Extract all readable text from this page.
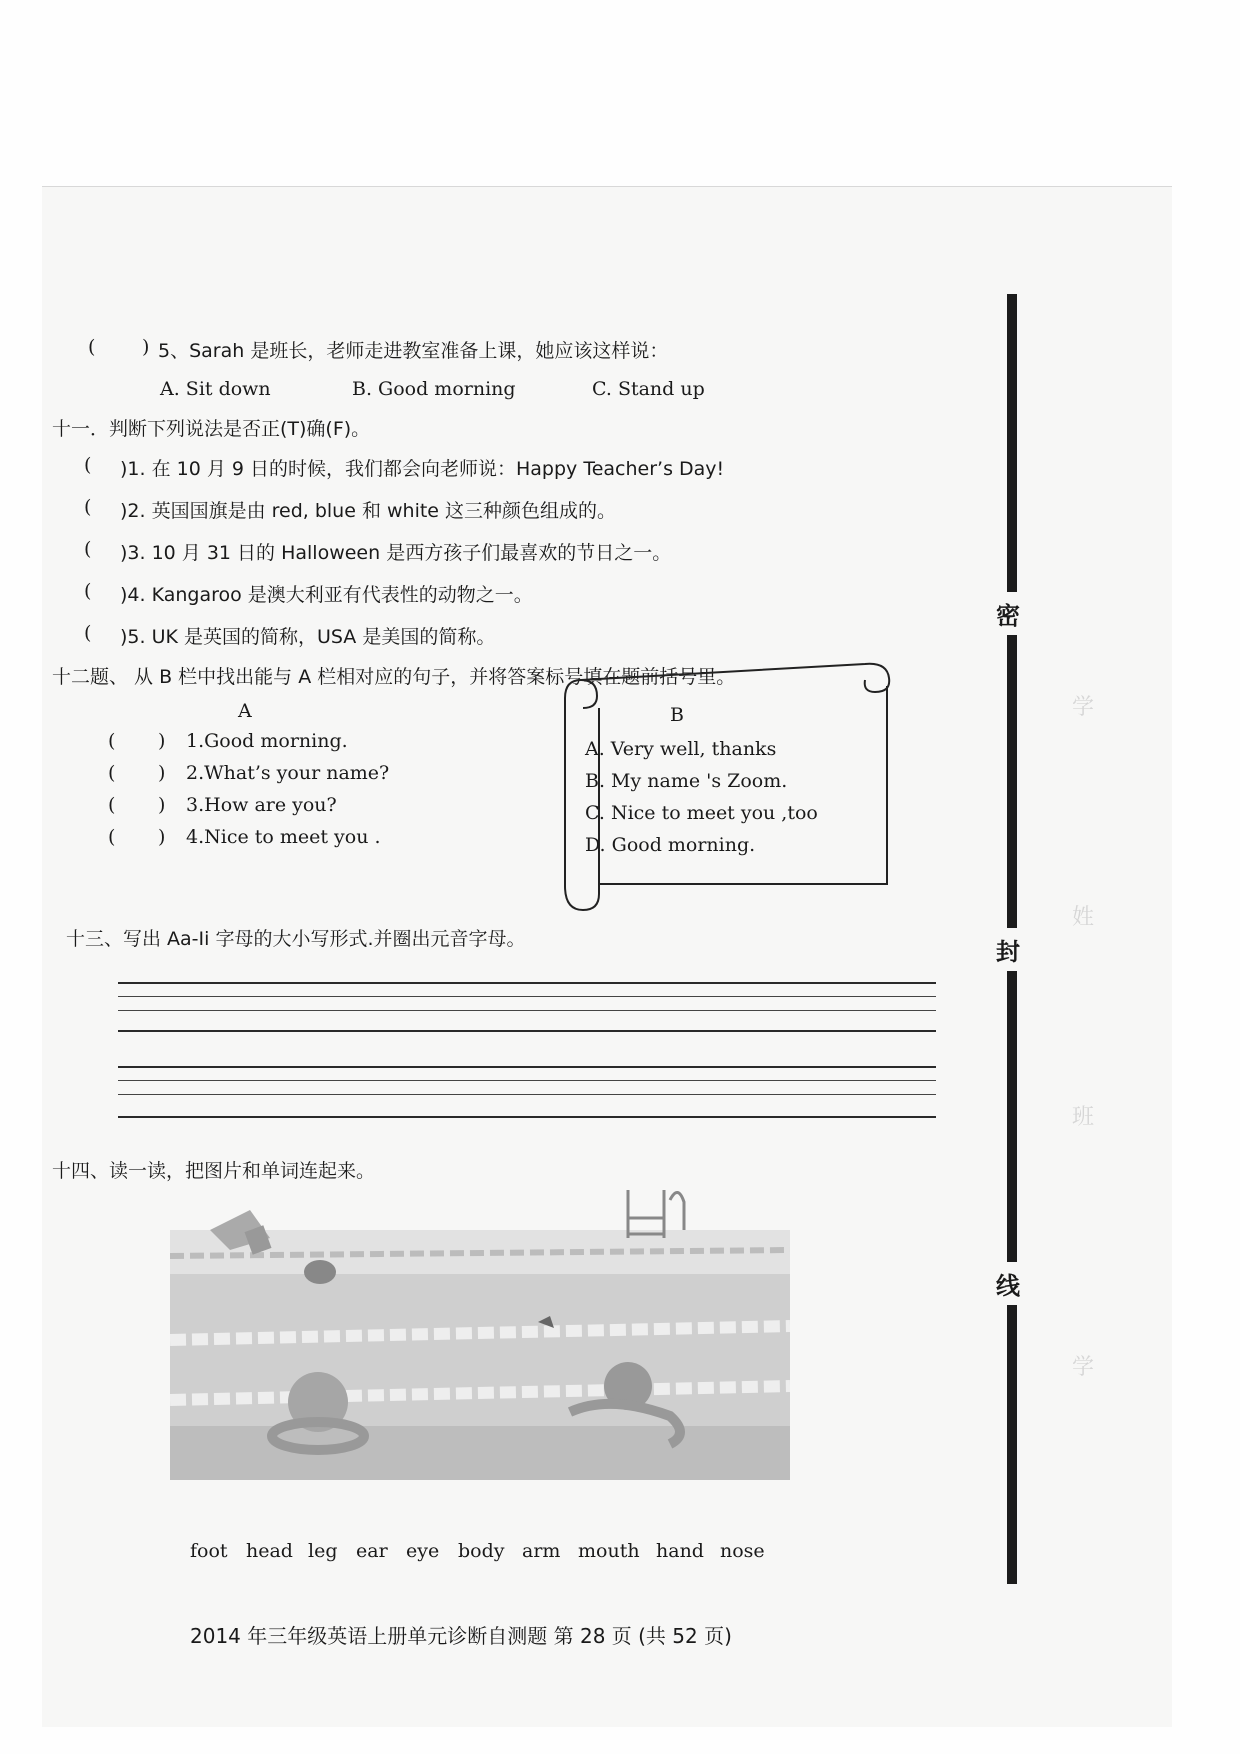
学
姓
班
学
( ) 5、Sarah 是班长，老师走进教室准备上课，她应该这样说：
A. Sit down	B. Good morning	C. Stand up
十一．判断下列说法是否正(T)确(F)。
( )1. 在 10 月 9 日的时候，我们都会向老师说：Happy Teacher’s Day!
( )2. 英国国旗是由 red, blue 和 white 这三种颜色组成的。
( )3. 10 月 31 日的 Halloween 是西方孩子们最喜欢的节日之一。
( )4. Kangaroo 是澳大利亚有代表性的动物之一。
( )5. UK 是英国的简称，USA 是美国的简称。
十二题、 从 B 栏中找出能与 A 栏相对应的句子，并将答案标号填在题前括号里。
A
( ) 1.Good morning.
( ) 2.What’s your name?
( ) 3.How are you?
( ) 4.Nice to meet you .
B
A. Very well, thanks
B. My name 's Zoom.
C. Nice to meet you ,too
D. Good morning.
十三、写出 Aa-Ii 字母的大小写形式.并圈出元音字母。
十四、读一读，把图片和单词连起来。
foot head leg ear eye body arm mouth hand nose
密
封
线
2014 年三年级英语上册单元诊断自测题 第 28 页 (共 52 页)
